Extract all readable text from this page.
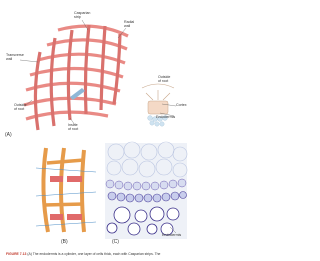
Casparian
strip
Radial
wall
Transverse
wall
Outside
of root
Inside
of root
(A)
Outside
of root
Cortex
Endodermis
(B)	(C)
Endodermis
FIGURE 7.13 (A) The endodermis is a cylinder, one layer of cells thick, each with Casparian strips. The
